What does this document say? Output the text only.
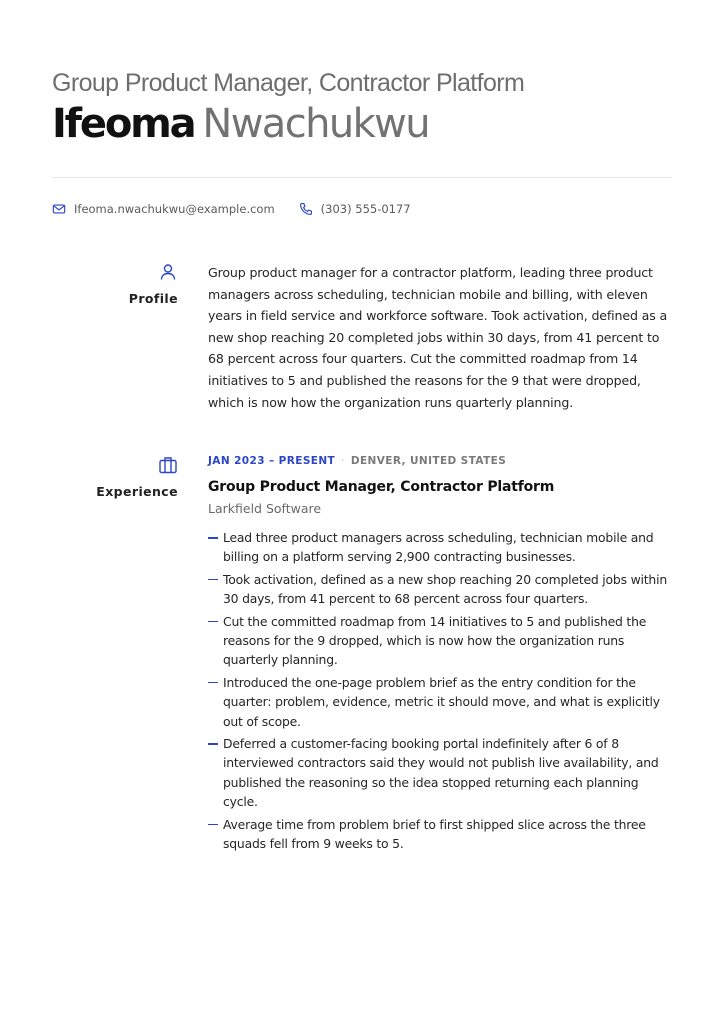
Group Product Manager, Contractor Platform
Ifeoma Nwachukwu
Ifeoma.nwachukwu@example.com	(303) 555-0177
Profile
Group product manager for a contractor platform, leading three product managers across scheduling, technician mobile and billing, with eleven years in field service and workforce software. Took activation, defined as a new shop reaching 20 completed jobs within 30 days, from 41 percent to 68 percent across four quarters. Cut the committed roadmap from 14 initiatives to 5 and published the reasons for the 9 that were dropped, which is now how the organization runs quarterly planning.
Experience
JAN 2023 – PRESENT · DENVER, UNITED STATES
Group Product Manager, Contractor Platform
Larkfield Software
Lead three product managers across scheduling, technician mobile and billing on a platform serving 2,900 contracting businesses.
Took activation, defined as a new shop reaching 20 completed jobs within 30 days, from 41 percent to 68 percent across four quarters.
Cut the committed roadmap from 14 initiatives to 5 and published the reasons for the 9 dropped, which is now how the organization runs quarterly planning.
Introduced the one-page problem brief as the entry condition for the quarter: problem, evidence, metric it should move, and what is explicitly out of scope.
Deferred a customer-facing booking portal indefinitely after 6 of 8 interviewed contractors said they would not publish live availability, and published the reasoning so the idea stopped returning each planning cycle.
Average time from problem brief to first shipped slice across the three squads fell from 9 weeks to 5.
